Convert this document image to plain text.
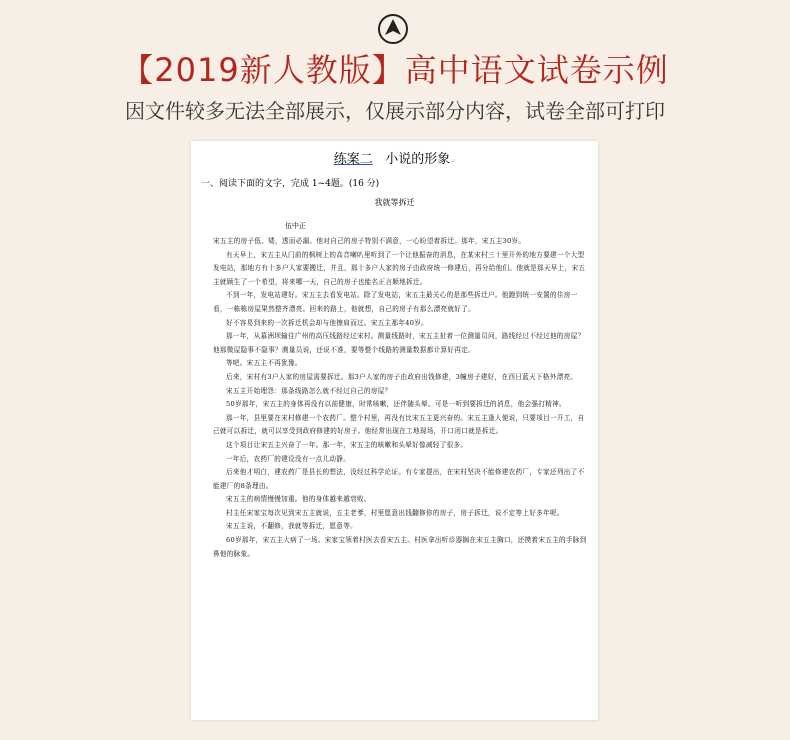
【2019新人教版】高中语文试卷示例
因文件较多无法全部展示，仅展示部分内容，试卷全部可打印
练案二 小说的形象↵
一、阅读下面的文字，完成 1~4题。(16 分)
我就等拆迁
伍中正

宋五主的房子低、矮，透而必漏。他对自己的房子特别不满意，一心盼望着拆迁。那年，宋五主30岁。

有天早上，宋五主从门前的枫树上的高音喇叭里听到了一个让他振奋的消息，在某宋村三十里开外的地方要建一个大型发电站，那地方有十多户人家要搬迁，并且，那十多户人家的房子由政府统一修建后，再分给他们。他就是那天早上，宋五主就顾生了一个希望，将来哪一天，自己的房子也能名正言顺地拆迁。

不到一年，发电站建好。宋五主去看发电站。除了发电站，宋五主最关心的是那些拆迁户。他跑到统一安置的住房一看，一栋栋房屋果然整齐漂亮。回来的路上，他就想，自己的房子有那么漂亮就好了。

好不容易到来的一次拆迁机会却与他擦肩而过。宋五主那年40岁。

那一年，从慕洲坝输往广州的高压线路经过宋村。测量线路时，宋五主扯着一位测量员问，路线经过不经过他的房屋？他那微屋隐事不隐事？测量员说，还说不准，要等整个线路的测量数据都计算好再定。

等吧。宋五主不再犹豫。

后来，宋村有3户人家的房屋需要拆迁。那3户人家的房子由政府出钱修建，3幢房子建好，在西日蓝天下格外漂亮。

宋五主开始埋怨：那条线路怎么就不经过自己的房屋？

50岁那年，宋五主的身体再没有以前健康，时常咳嗽，还伴随头晕。可是一听到要拆迁的消息，他会强打精神。

那一年，县里要在宋村修建一个农药厂。整个村里，再没有比宋五主更兴奋的。宋五主逢人便说，只要项目一开工，自己就可以拆迁，就可以享受到政府修建的好房子。他经常出现在工地现场，开口闭口就是拆迁。

这个项目让宋五主兴奋了一年。那一年，宋五主的咳嗽和头晕好像减轻了很多。

一年后，农药厂的建设没有一点儿动静。

后来他才明白，建农药厂是县长的想法，没经过科学论证。有专家提出，在宋村坚决不能修建农药厂，专家还列出了不能建厂的8条理由。

宋五主的病情慢慢加重。他的身体越来越衰败。

村主任宋家宝每次见到宋五主就说，五主老爹，村里愿意出钱翻修你的房子，房子拆迁，说不定等上好多年呢。

宋五主说，不翻修，我就等拆迁，愿意等。

60岁那年，宋五主大病了一场。宋家宝领着村医去看宋五主。村医拿出听诊器搁在宋五主胸口，还摸着宋五主的手脉到鼻他的脉象。
